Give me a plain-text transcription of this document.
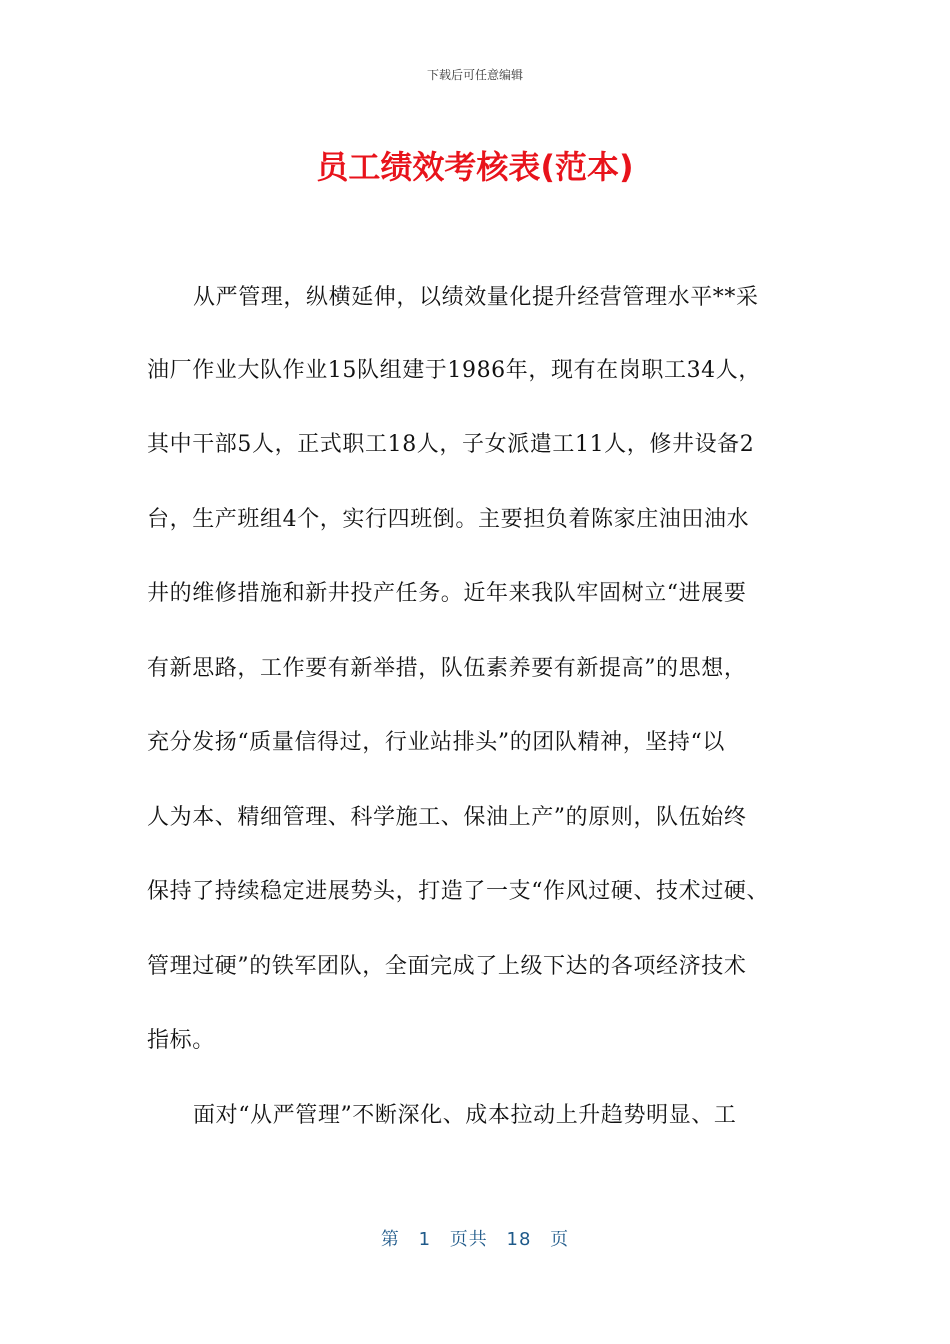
下载后可任意编辑
员工绩效考核表(范本)
从严管理，纵横延伸，以绩效量化提升经营管理水平**采
油厂作业大队作业15队组建于1986年，现有在岗职工34人，
其中干部5人，正式职工18人，子女派遣工11人，修井设备2
台，生产班组4个，实行四班倒。主要担负着陈家庄油田油水
井的维修措施和新井投产任务。近年来我队牢固树立“进展要
有新思路，工作要有新举措，队伍素养要有新提高”的思想，
充分发扬“质量信得过，行业站排头”的团队精神，坚持“以
人为本、精细管理、科学施工、保油上产”的原则，队伍始终
保持了持续稳定进展势头，打造了一支“作风过硬、技术过硬、
管理过硬”的铁军团队，全面完成了上级下达的各项经济技术
指标。
面对“从严管理”不断深化、成本拉动上升趋势明显、工
第 1 页共 18 页
